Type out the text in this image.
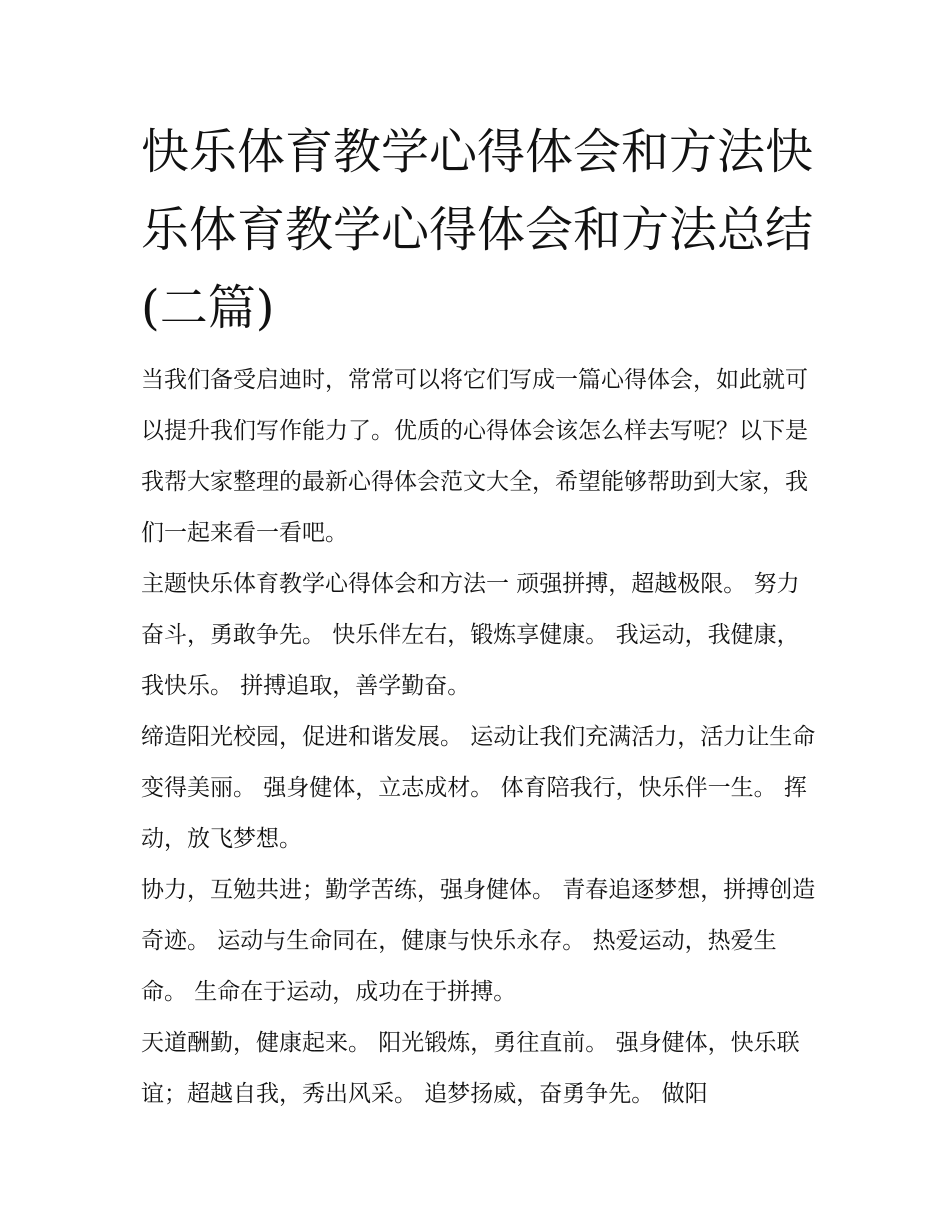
快乐体育教学心得体会和方法快乐体育教学心得体会和方法总结(二篇)

当我们备受启迪时，常常可以将它们写成一篇心得体会，如此就可以提升我们写作能力了。优质的心得体会该怎么样去写呢？以下是我帮大家整理的最新心得体会范文大全，希望能够帮助到大家，我们一起来看一看吧。

主题快乐体育教学心得体会和方法一 顽强拼搏，超越极限。 努力奋斗，勇敢争先。 快乐伴左右，锻炼享健康。 我运动，我健康，我快乐。 拼搏追取，善学勤奋。

缔造阳光校园，促进和谐发展。 运动让我们充满活力，活力让生命变得美丽。 强身健体，立志成材。 体育陪我行，快乐伴一生。 挥动，放飞梦想。

协力，互勉共进；勤学苦练，强身健体。 青春追逐梦想，拼搏创造奇迹。 运动与生命同在，健康与快乐永存。 热爱运动，热爱生命。 生命在于运动，成功在于拼搏。

天道酬勤，健康起来。 阳光锻炼，勇往直前。 强身健体，快乐联谊；超越自我，秀出风采。 追梦扬威，奋勇争先。 做阳
